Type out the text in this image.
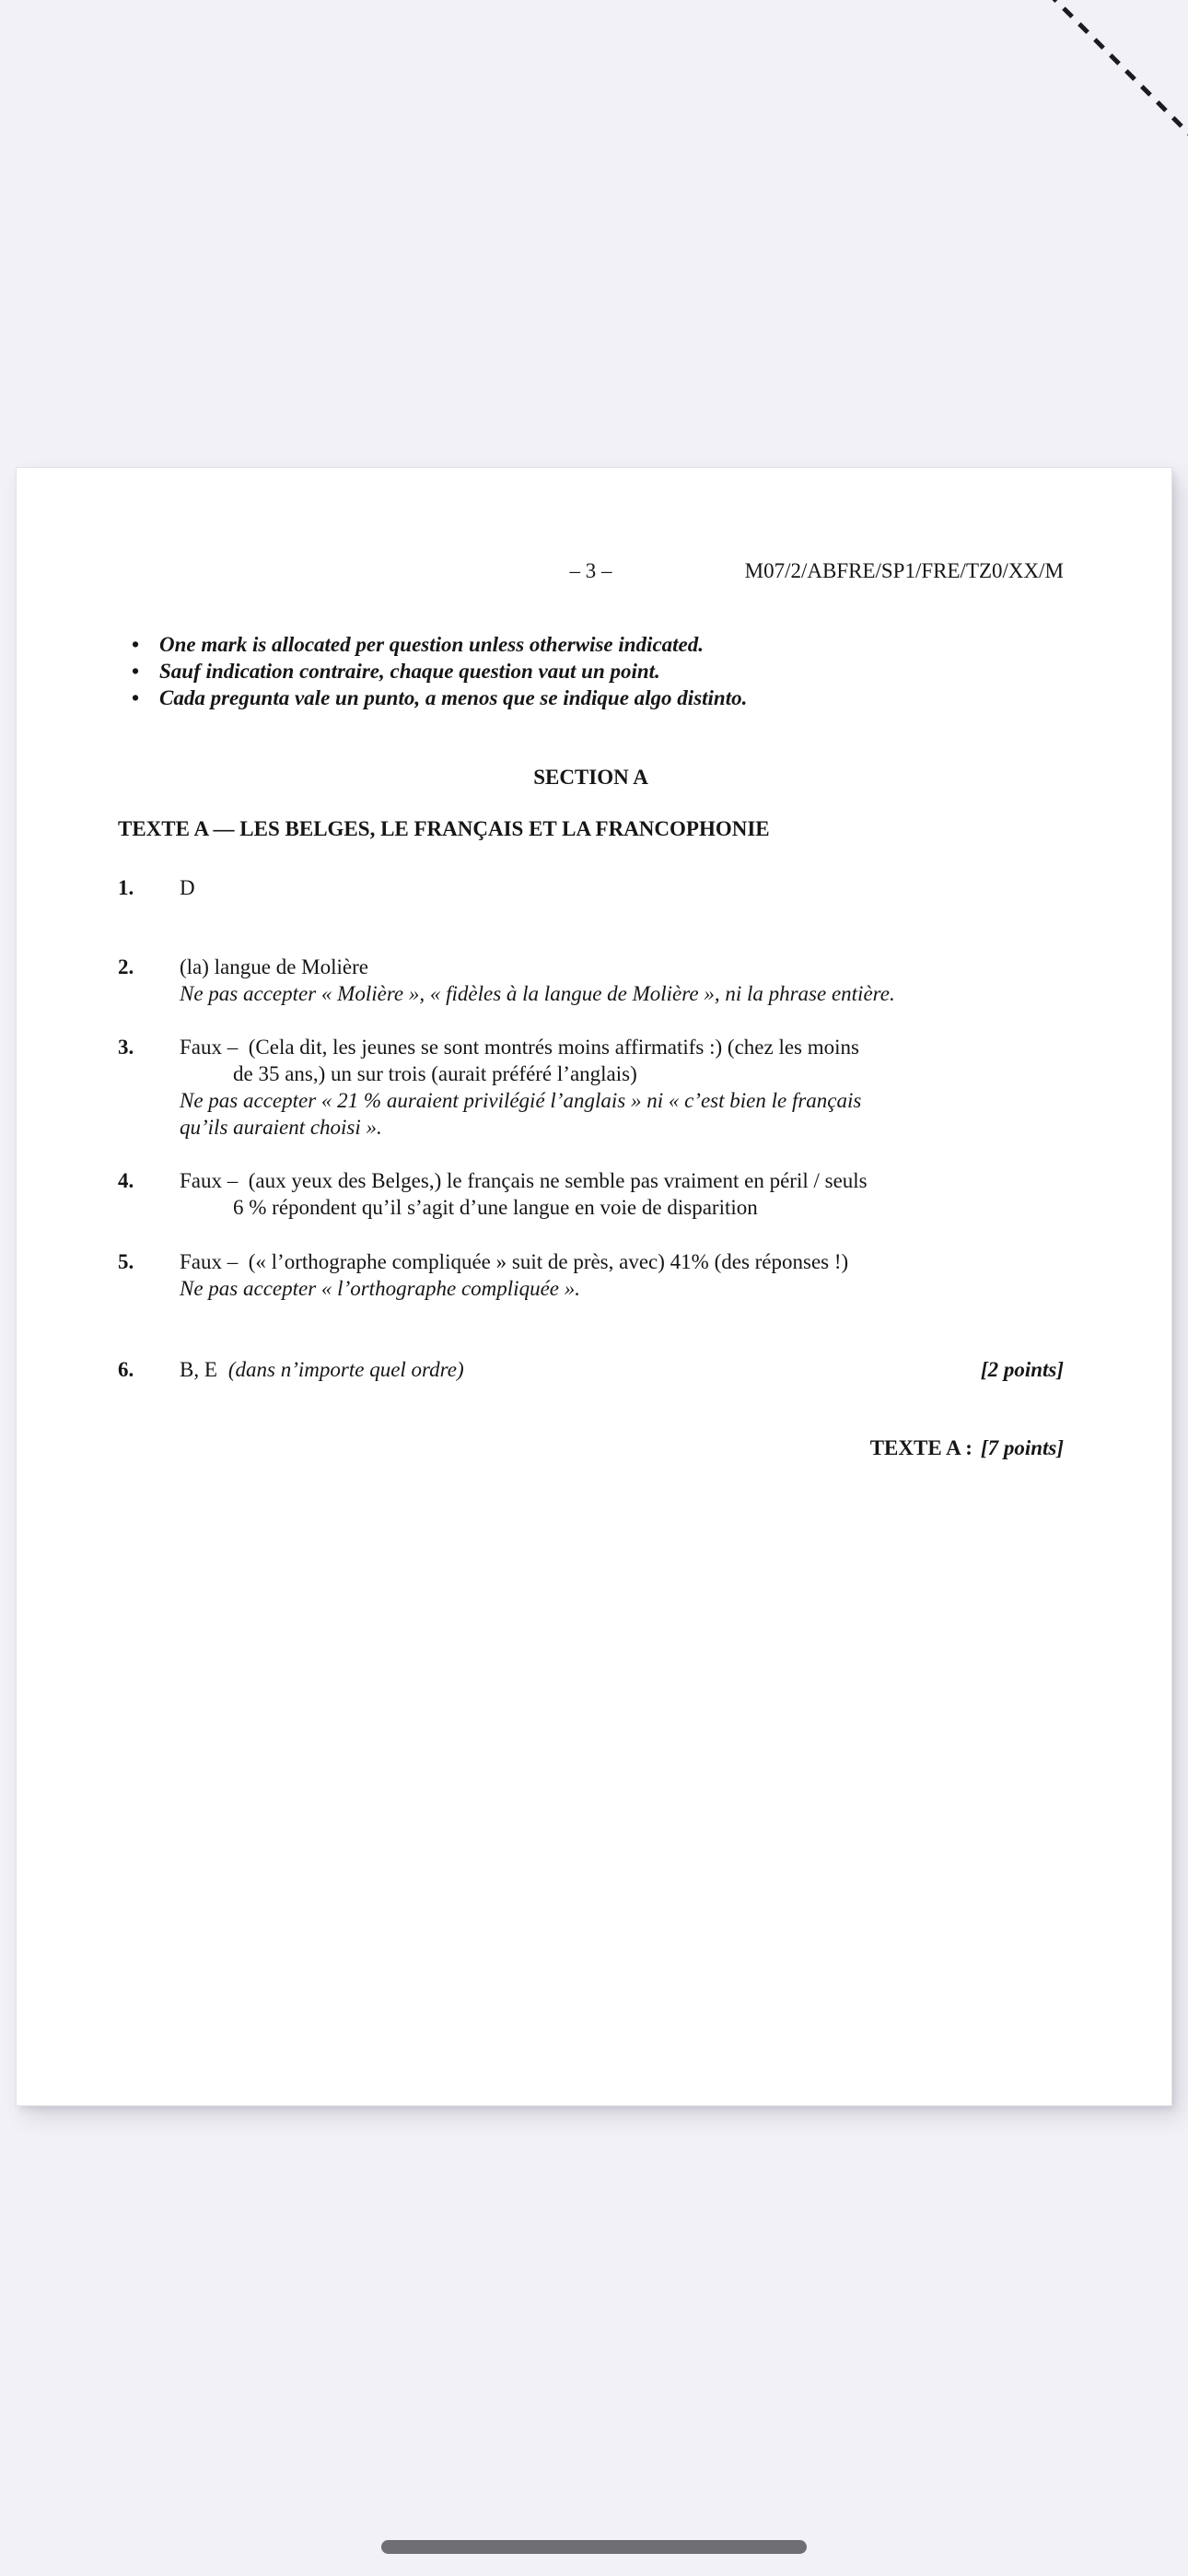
– 3 –	M07/2/ABFRE/SP1/FRE/TZ0/XX/M
• One mark is allocated per question unless otherwise indicated.
• Sauf indication contraire, chaque question vaut un point.
• Cada pregunta vale un punto, a menos que se indique algo distinto.
SECTION A
TEXTE A — LES BELGES, LE FRANÇAIS ET LA FRANCOPHONIE
1.	D
2.	(la) langue de Molière
Ne pas accepter « Molière », « fidèles à la langue de Molière », ni la phrase entière.
3.	Faux –  (Cela dit, les jeunes se sont montrés moins affirmatifs :) (chez les moins
de 35 ans,) un sur trois (aurait préféré l’anglais)
Ne pas accepter « 21 % auraient privilégié l’anglais » ni « c’est bien le français
qu’ils auraient choisi ».
4.	Faux –  (aux yeux des Belges,) le français ne semble pas vraiment en péril / seuls
6 % répondent qu’il s’agit d’une langue en voie de disparition
5.	Faux –  (« l’orthographe compliquée » suit de près, avec) 41% (des réponses !)
Ne pas accepter « l’orthographe compliquée ».
6.	B, E (dans n’importe quel ordre)	[2 points]
TEXTE A : [7 points]
